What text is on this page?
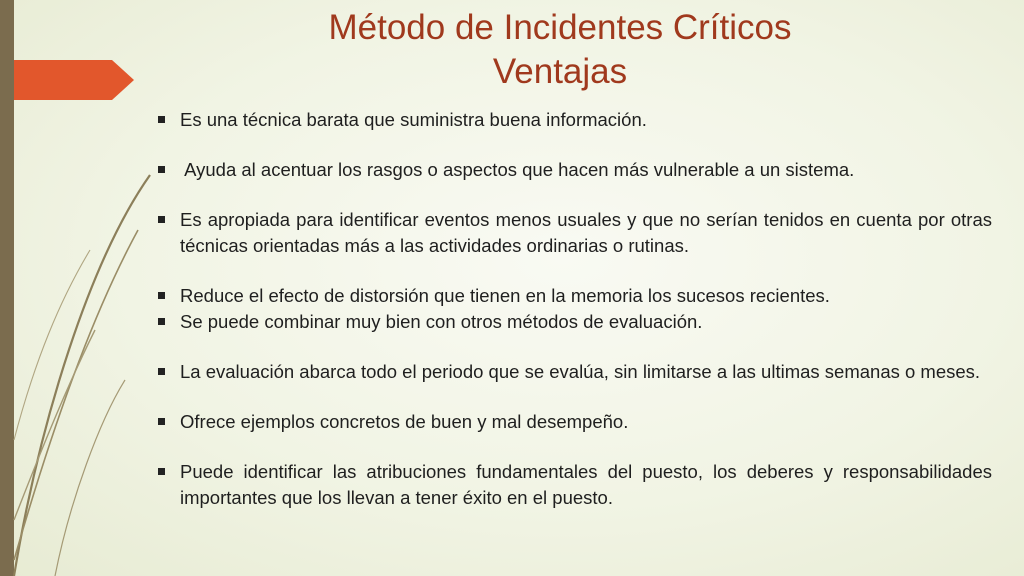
Método de Incidentes Críticos
Ventajas
Es una técnica barata que suministra buena información.
Ayuda al acentuar los rasgos o aspectos que hacen más vulnerable a un sistema.
Es apropiada para identificar eventos menos usuales y que no serían tenidos en cuenta por otras técnicas orientadas más a las actividades ordinarias o rutinas.
Reduce el efecto de distorsión que tienen en la memoria los sucesos recientes.
Se puede combinar muy bien con otros métodos de evaluación.
La evaluación abarca todo el periodo que se evalúa, sin limitarse a las ultimas semanas o meses.
Ofrece ejemplos concretos de buen y mal desempeño.
Puede identificar las atribuciones fundamentales del puesto, los deberes y responsabilidades importantes que los llevan a tener éxito en el puesto.
